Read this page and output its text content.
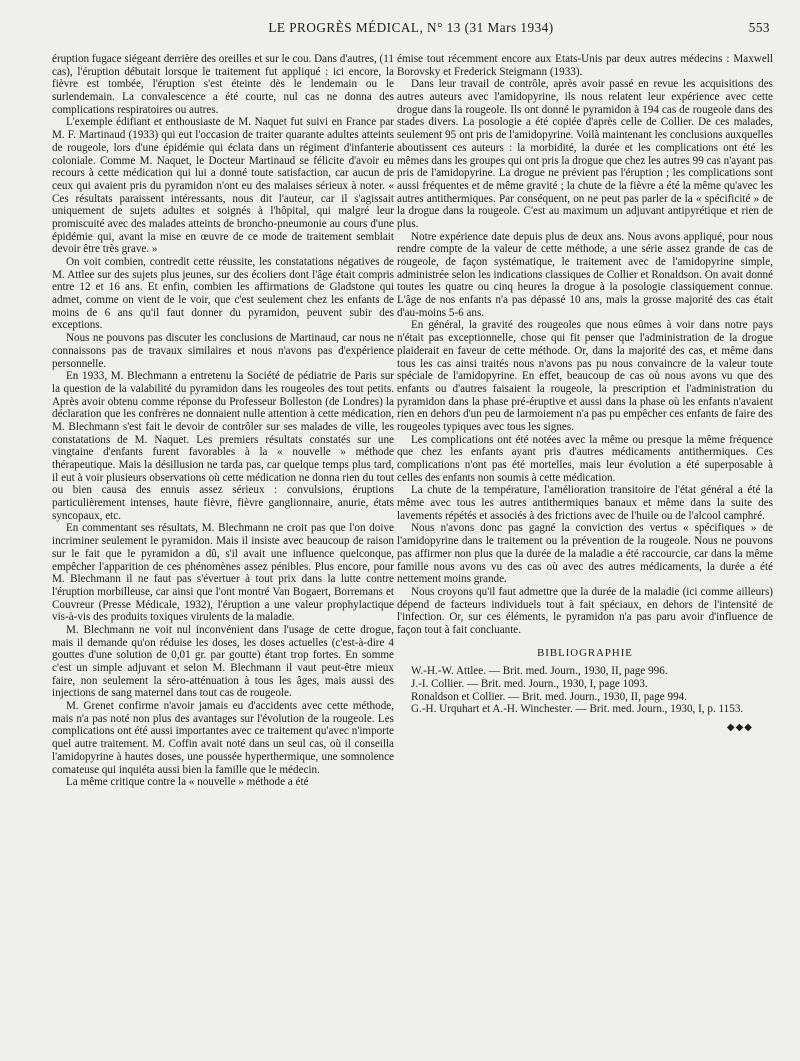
LE PROGRÈS MÉDICAL, N° 13 (31 Mars 1934)	553

éruption fugace siégeant derrière des oreilles et sur le cou. Dans d'autres, (11 cas), l'éruption débutait lorsque le traitement fut appliqué : ici encore, la fièvre est tombée, l'éruption s'est éteinte dès le lendemain ou le surlendemain. La convalescence a été courte, nul cas ne donna des complications respiratoires ou autres.

L'exemple édifiant et enthousiaste de M. Naquet fut suivi en France par M. F. Martinaud (1933) qui eut l'occasion de traiter quarante adultes atteints de rougeole, lors d'une épidémie qui éclata dans un régiment d'infanterie coloniale. Comme M. Naquet, le Docteur Martinaud se félicite d'avoir eu recours à cette médication qui lui a donné toute satisfaction, car aucun de ceux qui avaient pris du pyramidon n'ont eu des malaises sérieux à noter. « Ces résultats paraissent intéressants, nous dit l'auteur, car il s'agissait uniquement de sujets adultes et soignés à l'hôpital, qui malgré leur promiscuité avec des malades atteints de broncho-pneumonie au cours d'une épidémie qui, avant la mise en œuvre de ce mode de traitement semblait devoir être très grave. »

On voit combien, contredit cette réussite, les constatations négatives de M. Attlee sur des sujets plus jeunes, sur des écoliers dont l'âge était compris entre 12 et 16 ans. Et enfin, combien les affirmations de Gladstone qui admet, comme on vient de le voir, que c'est seulement chez les enfants de moins de 6 ans qu'il faut donner du pyramidon, peuvent subir des exceptions.

Nous ne pouvons pas discuter les conclusions de Martinaud, car nous ne connaissons pas de travaux similaires et nous n'avons pas d'expérience personnelle.

En 1933, M. Blechmann a entretenu la Société de pédiatrie de Paris sur la question de la valabilité du pyramidon dans les rougeoles des tout petits. Après avoir obtenu comme réponse du Professeur Bolleston (de Londres) la déclaration que les confrères ne donnaient nulle attention à cette médication, M. Blechmann s'est fait le devoir de contrôler sur ses malades de ville, les constatations de M. Naquet. Les premiers résultats constatés sur une vingtaine d'enfants furent favorables à la « nouvelle » méthode thérapeutique. Mais la désillusion ne tarda pas, car quelque temps plus tard, il eut à voir plusieurs observations où cette médication ne donna rien du tout ou bien causa des ennuis assez sérieux : convulsions, éruptions particulièrement intenses, haute fièvre, fièvre ganglionnaire, anurie, états syncopaux, etc.

En commentant ses résultats, M. Blechmann ne croit pas que l'on doive incriminer seulement le pyramidon. Mais il insiste avec beaucoup de raison sur le fait que le pyramidon a dû, s'il avait une influence quelconque, empêcher l'apparition de ces phénomènes assez pénibles. Plus encore, pour M. Blechmann il ne faut pas s'évertuer à tout prix dans la lutte contre l'éruption morbilleuse, car ainsi que l'ont montré Van Bogaert, Borremans et Couvreur (Presse Médicale, 1932), l'éruption a une valeur prophylactique vis-à-vis des produits toxiques virulents de la maladie.

M. Blechmann ne voit nul inconvénient dans l'usage de cette drogue, mais il demande qu'on réduise les doses, les doses actuelles (c'est-à-dire 4 gouttes d'une solution de 0,01 gr. par goutte) étant trop fortes. En somme c'est un simple adjuvant et selon M. Blechmann il vaut peut-être mieux faire, non seulement la séro-atténuation à tous les âges, mais aussi des injections de sang maternel dans tout cas de rougeole.

M. Grenet confirme n'avoir jamais eu d'accidents avec cette méthode, mais n'a pas noté non plus des avantages sur l'évolution de la rougeole. Les complications ont été aussi importantes avec ce traitement qu'avec n'importe quel autre traitement. M. Coffin avait noté dans un seul cas, où il conseilla l'amidopyrine à hautes doses, une poussée hyperthermique, une somnolence comateuse qui inquiéta aussi bien la famille que le médecin.

La même critique contre la « nouvelle » méthode a été

émise tout récemment encore aux Etats-Unis par deux autres médecins : Maxwell Borovsky et Frederick Steigmann (1933).

Dans leur travail de contrôle, après avoir passé en revue les acquisitions des autres auteurs avec l'amidopyrine, ils nous relatent leur expérience avec cette drogue dans la rougeole. Ils ont donné le pyramidon à 194 cas de rougeole dans des stades divers. La posologie a été copiée d'après celle de Collier. De ces malades, seulement 95 ont pris de l'amidopyrine. Voilà maintenant les conclusions auxquelles aboutissent ces auteurs : la morbidité, la durée et les complications ont été les mêmes dans les groupes qui ont pris la drogue que chez les autres 99 cas n'ayant pas pris de l'amidopyrine. La drogue ne prévient pas l'éruption ; les complications sont aussi fréquentes et de même gravité ; la chute de la fièvre a été la même qu'avec les autres antithermiques. Par conséquent, on ne peut pas parler de la « spécificité » de la drogue dans la rougeole. C'est au maximum un adjuvant antipyrétique et rien de plus.

Notre expérience date depuis plus de deux ans. Nous avons appliqué, pour nous rendre compte de la valeur de cette méthode, a une série assez grande de cas de rougeole, de façon systématique, le traitement avec de l'amidopyrine simple, administrée selon les indications classiques de Collier et Ronaldson. On avait donné toutes les quatre ou cinq heures la drogue à la posologie classiquement connue. L'âge de nos enfants n'a pas dépassé 10 ans, mais la grosse majorité des cas était d'au-moins 5-6 ans.

En général, la gravité des rougeoles que nous eûmes à voir dans notre pays n'était pas exceptionnelle, chose qui fit penser que l'administration de la drogue plaiderait en faveur de cette méthode. Or, dans la majorité des cas, et même dans tous les cas ainsi traités nous n'avons pas pu nous convaincre de la valeur toute spéciale de l'amidopyrine. En effet, beaucoup de cas où nous avons vu que des enfants ou d'autres faisaient la rougeole, la prescription et l'administration du pyramidon dans la phase pré-éruptive et aussi dans la phase où les enfants n'avaient rien en dehors d'un peu de larmoiement n'a pas pu empêcher ces enfants de faire des rougeoles typiques avec tous les signes.

Les complications ont été notées avec la même ou presque la même fréquence que chez les enfants ayant pris d'autres médicaments antithermiques. Ces complications n'ont pas été mortelles, mais leur évolution a été superposable à celles des enfants non soumis à cette médication.

La chute de la température, l'amélioration transitoire de l'état général a été la même avec tous les autres antithermiques banaux et même dans la suite des lavements répétés et associés à des frictions avec de l'huile ou de l'alcool camphré.

Nous n'avons donc pas gagné la conviction des vertus « spécifiques » de l'amidopyrine dans le traitement ou la prévention de la rougeole. Nous ne pouvons pas affirmer non plus que la durée de la maladie a été raccourcie, car dans la même famille nous avons vu des cas où avec des autres médicaments, la durée a été nettement moins grande.

Nous croyons qu'il faut admettre que la durée de la maladie (ici comme ailleurs) dépend de facteurs individuels tout à fait spéciaux, en dehors de l'intensité de l'infection. Or, sur ces éléments, le pyramidon n'a pas paru avoir d'influence de façon tout à fait concluante.

BIBLIOGRAPHIE

W.-H.-W. Attlee. — Brit. med. Journ., 1930, II, page 996.

J.-I. Collier. — Brit. med. Journ., 1930, I, page 1093.

Ronaldson et Collier. — Brit. med. Journ., 1930, II, page 994.

G.-H. Urquhart et A.-H. Winchester. — Brit. med. Journ., 1930, I, p. 1153.

◆◆◆
